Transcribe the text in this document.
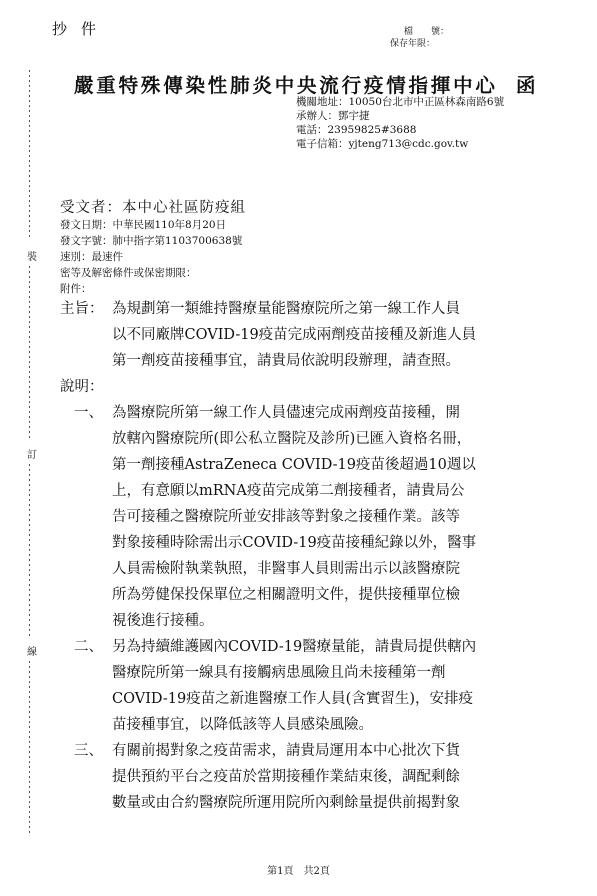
抄件	檔　　號：
保存年限：
嚴重特殊傳染性肺炎中央流行疫情指揮中心 函
機關地址：10050台北市中正區林森南路6號
承辦人：鄧宇捷
電話：23959825#3688
電子信箱：yjteng713@cdc.gov.tw
受文者：本中心社區防疫組
發文日期：中華民國110年8月20日
發文字號：肺中指字第1103700638號
速別：最速件
密等及解密條件或保密期限：
附件：
主旨： 為規劃第一類維持醫療量能醫療院所之第一線工作人員
以不同廠牌COVID-19疫苗完成兩劑疫苗接種及新進人員
第一劑疫苗接種事宜，請貴局依說明段辦理，請查照。
說明：
一、 為醫療院所第一線工作人員儘速完成兩劑疫苗接種，開
放轄內醫療院所(即公私立醫院及診所)已匯入資格名冊，
第一劑接種AstraZeneca COVID-19疫苗後超過10週以
上，有意願以mRNA疫苗完成第二劑接種者，請貴局公
告可接種之醫療院所並安排該等對象之接種作業。該等
對象接種時除需出示COVID-19疫苗接種紀錄以外，醫事
人員需檢附執業執照，非醫事人員則需出示以該醫療院
所為勞健保投保單位之相關證明文件，提供接種單位檢
視後進行接種。
二、 另為持續維護國內COVID-19醫療量能，請貴局提供轄內
醫療院所第一線具有接觸病患風險且尚未接種第一劑
COVID-19疫苗之新進醫療工作人員(含實習生)，安排疫
苗接種事宜，以降低該等人員感染風險。
三、 有關前揭對象之疫苗需求，請貴局運用本中心批次下貨
提供預約平台之疫苗於當期接種作業結束後，調配剩餘
數量或由合約醫療院所運用院所內剩餘量提供前揭對象
裝
訂
線
第1頁　共2頁
